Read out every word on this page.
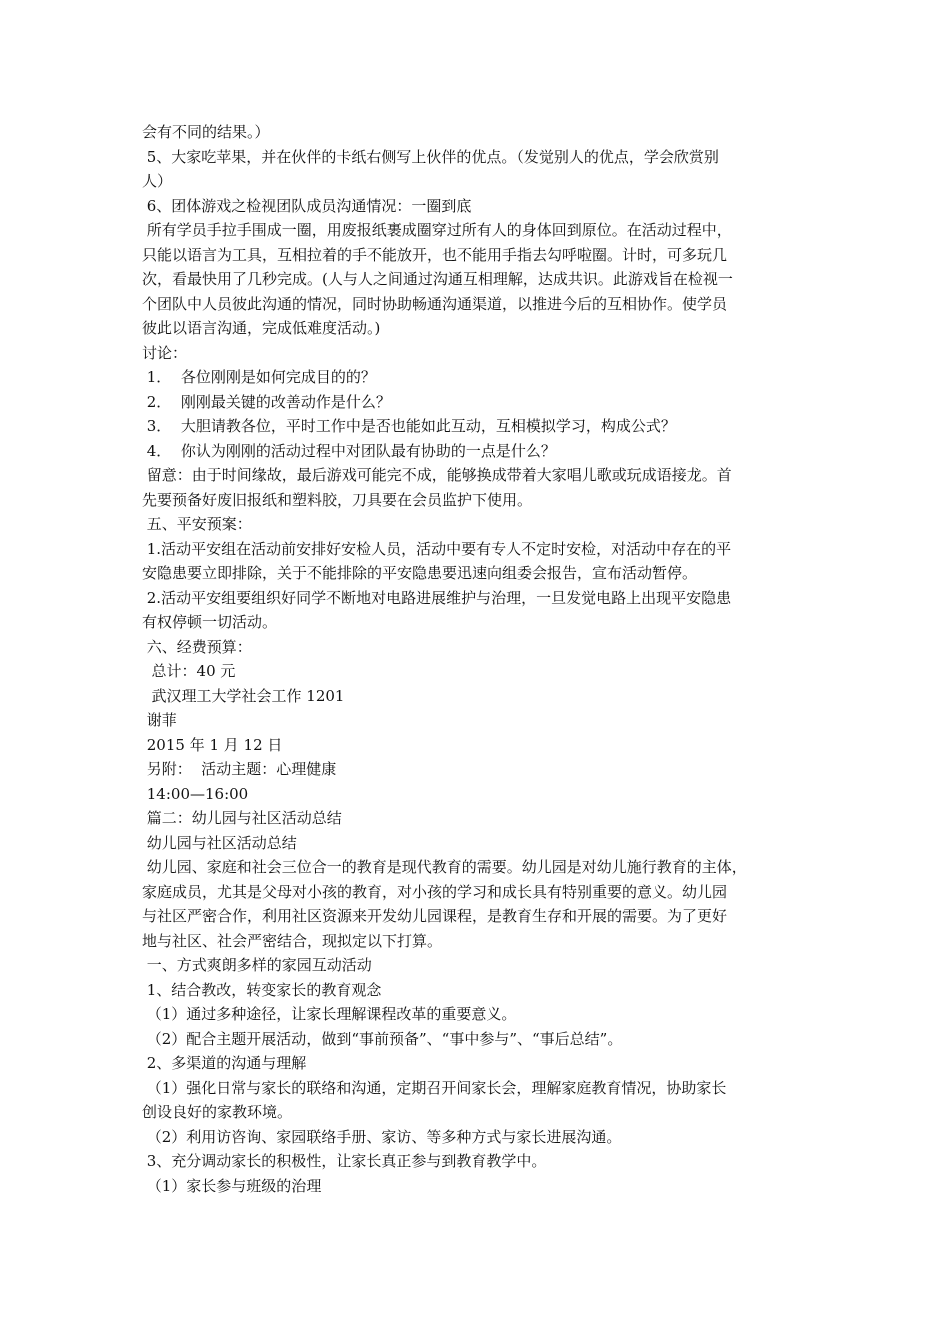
会有不同的结果。）
5、大家吃苹果，并在伙伴的卡纸右侧写上伙伴的优点。（发觉别人的优点，学会欣赏别
人）
6、团体游戏之检视团队成员沟通情况：一圈到底
所有学员手拉手围成一圈，用废报纸裹成圈穿过所有人的身体回到原位。在活动过程中，
只能以语言为工具，互相拉着的手不能放开，也不能用手指去勾呼啦圈。计时，可多玩几
次，看最快用了几秒完成。(人与人之间通过沟通互相理解，达成共识。此游戏旨在检视一
个团队中人员彼此沟通的情况，同时协助畅通沟通渠道，以推进今后的互相协作。使学员
彼此以语言沟通，完成低难度活动。)
讨论：
1．  各位刚刚是如何完成目的的？
2．  刚刚最关键的改善动作是什么？
3．  大胆请教各位，平时工作中是否也能如此互动，互相模拟学习，构成公式？
4．  你认为刚刚的活动过程中对团队最有协助的一点是什么？
留意：由于时间缘故，最后游戏可能完不成，能够换成带着大家唱儿歌或玩成语接龙。首
先要预备好废旧报纸和塑料胶，刀具要在会员监护下使用。
五、平安预案：
1.活动平安组在活动前安排好安检人员，活动中要有专人不定时安检，对活动中存在的平
安隐患要立即排除，关于不能排除的平安隐患要迅速向组委会报告，宣布活动暂停。
2.活动平安组要组织好同学不断地对电路进展维护与治理，一旦发觉电路上出现平安隐患
有权停顿一切活动。
六、经费预算：
总计：40 元
武汉理工大学社会工作 1201
谢菲
2015 年 1 月 12 日
另附：  活动主题：心理健康
14:00—16:00
篇二：幼儿园与社区活动总结
幼儿园与社区活动总结
幼儿园、家庭和社会三位合一的教育是现代教育的需要。幼儿园是对幼儿施行教育的主体，
家庭成员，尤其是父母对小孩的教育，对小孩的学习和成长具有特别重要的意义。幼儿园
与社区严密合作，利用社区资源来开发幼儿园课程，是教育生存和开展的需要。为了更好
地与社区、社会严密结合，现拟定以下打算。
一、方式爽朗多样的家园互动活动
1、结合教改，转变家长的教育观念
（1）通过多种途径，让家长理解课程改革的重要意义。
（2）配合主题开展活动，做到“事前预备”、“事中参与”、“事后总结”。
2、多渠道的沟通与理解
（1）强化日常与家长的联络和沟通，定期召开间家长会，理解家庭教育情况，协助家长
创设良好的家教环境。
（2）利用访咨询、家园联络手册、家访、等多种方式与家长进展沟通。
3、充分调动家长的积极性，让家长真正参与到教育教学中。
（1）家长参与班级的治理
